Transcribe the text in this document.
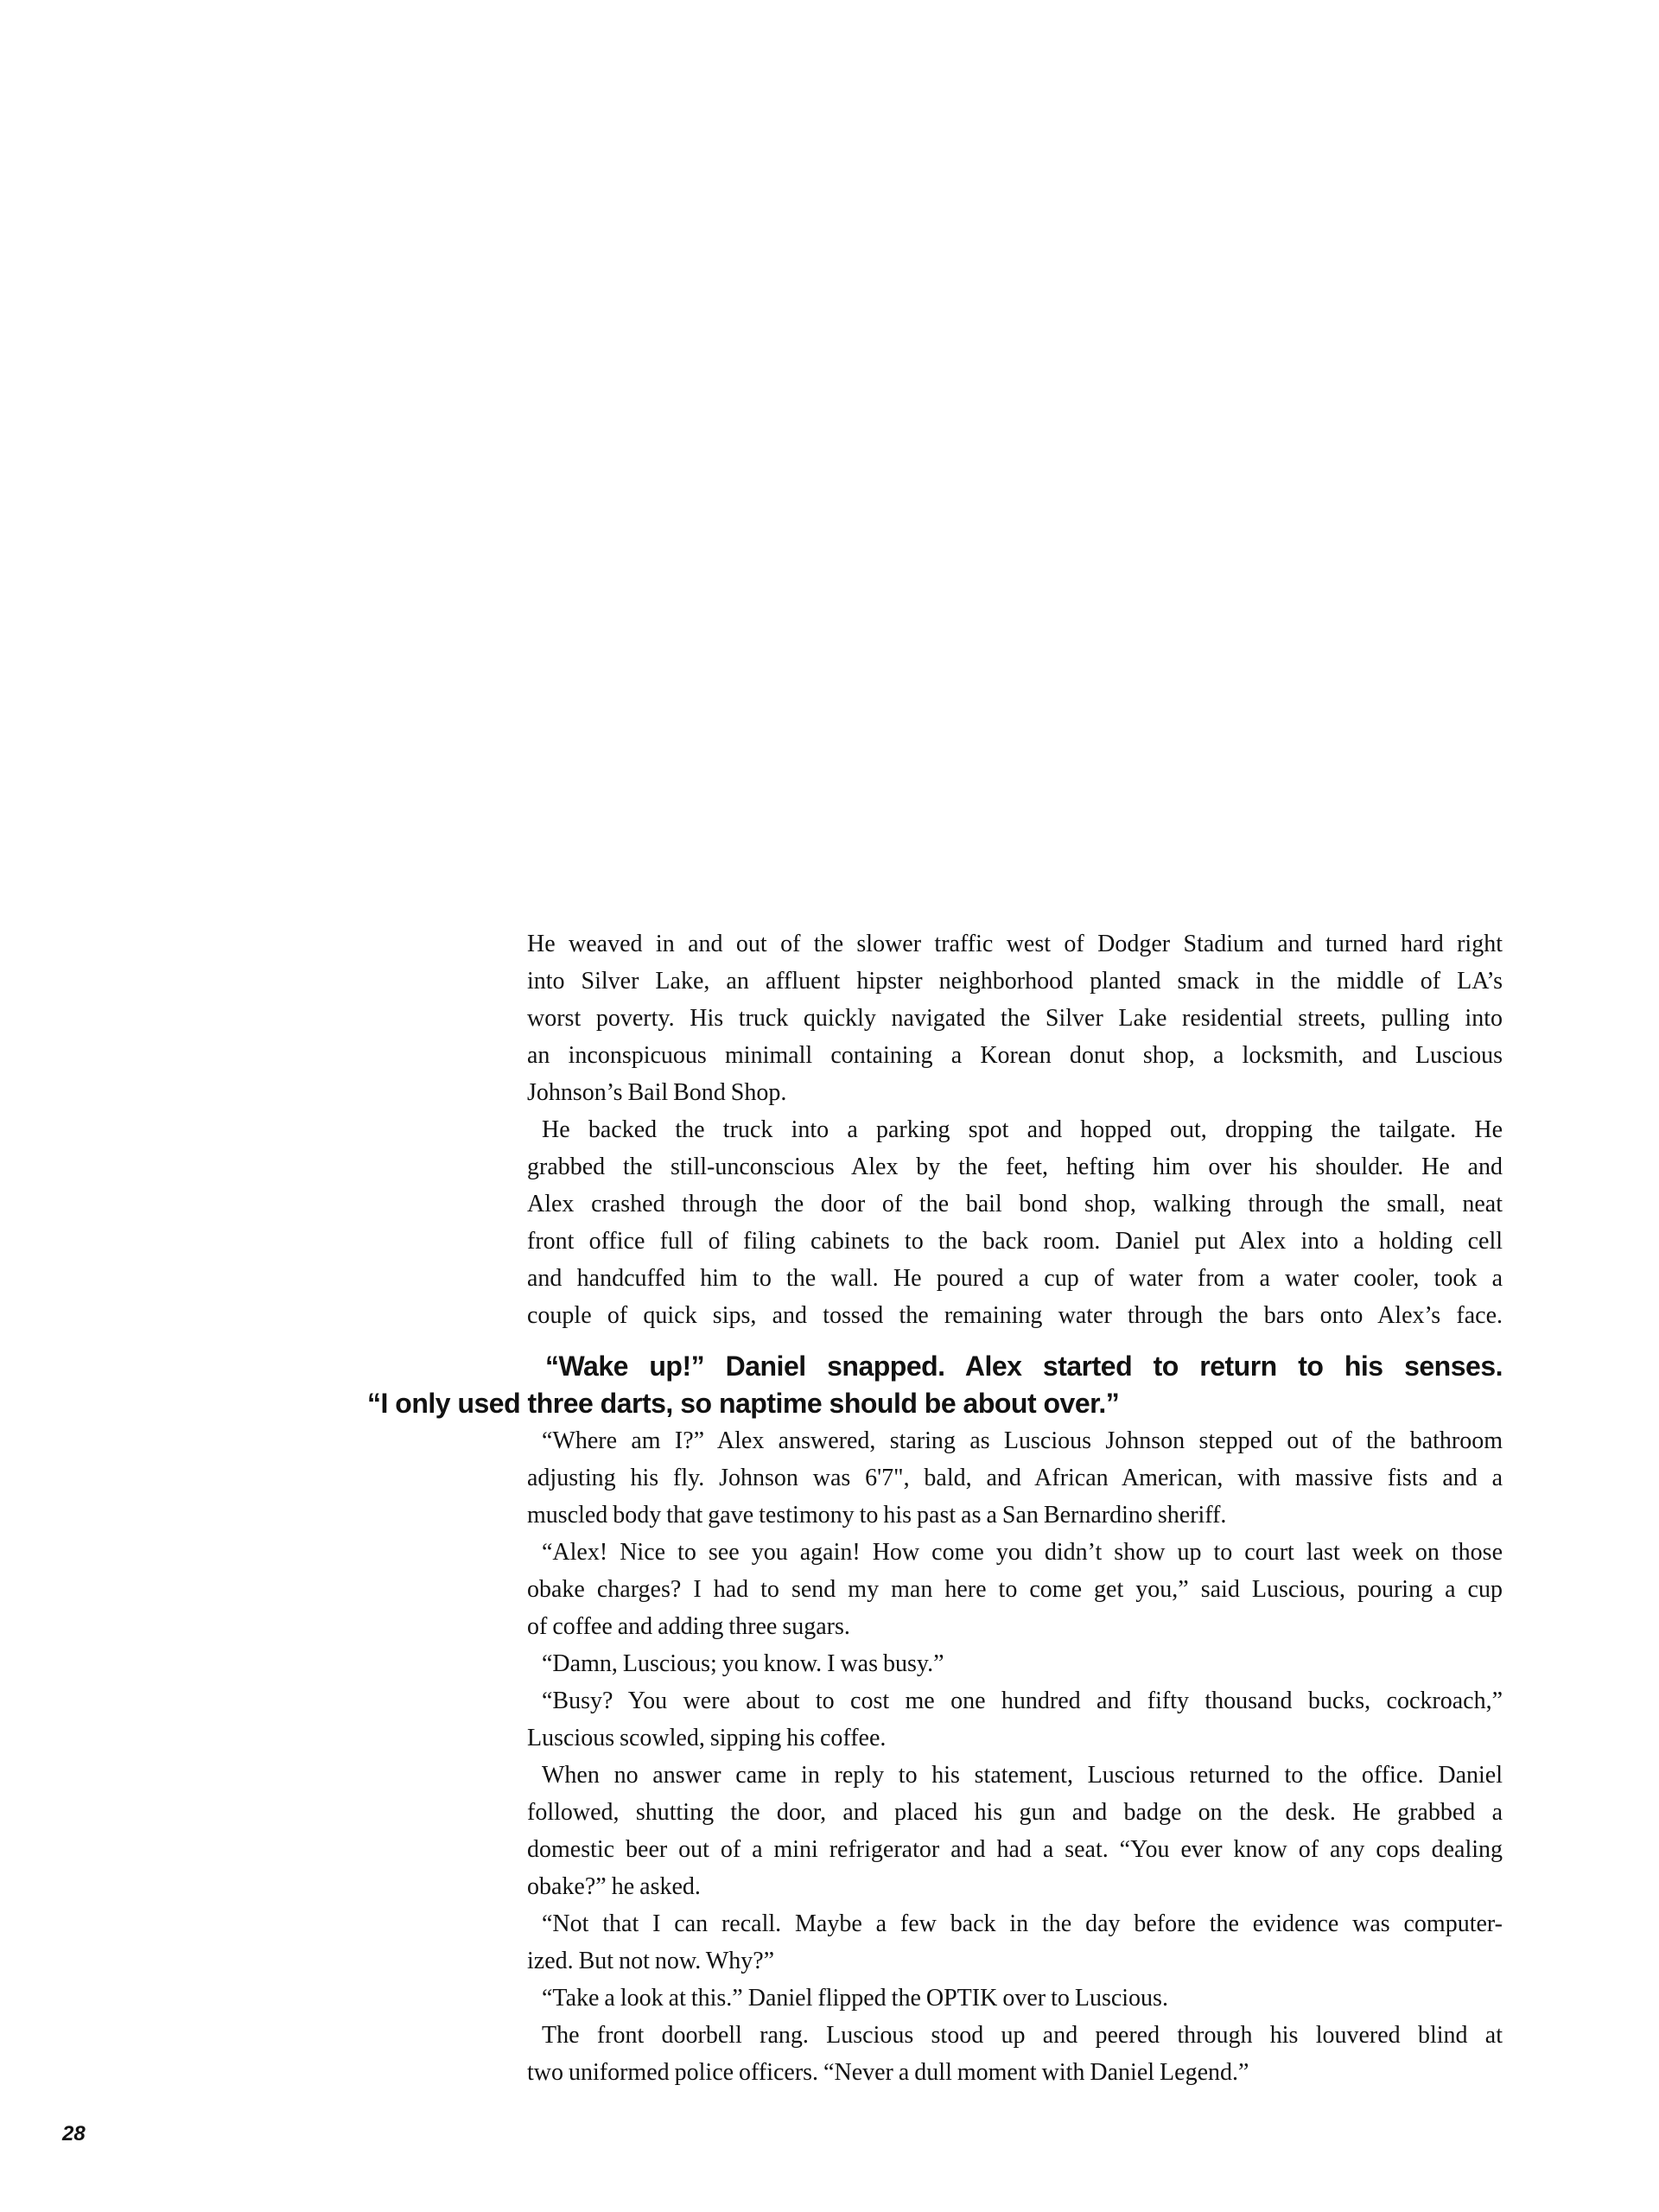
He weaved in and out of the slower traffic west of Dodger Stadium and turned hard right
into Silver Lake, an affluent hipster neighborhood planted smack in the middle of LA’s
worst poverty. His truck quickly navigated the Silver Lake residential streets, pulling into
an inconspicuous minimall containing a Korean donut shop, a locksmith, and Luscious
Johnson’s Bail Bond Shop.
He backed the truck into a parking spot and hopped out, dropping the tailgate. He
grabbed the still-unconscious Alex by the feet, hefting him over his shoulder. He and
Alex crashed through the door of the bail bond shop, walking through the small, neat
front office full of filing cabinets to the back room. Daniel put Alex into a holding cell
and handcuffed him to the wall. He poured a cup of water from a water cooler, took a
couple of quick sips, and tossed the remaining water through the bars onto Alex’s face.
“Wake up!” Daniel snapped. Alex started to return to his senses.
“I only used three darts, so naptime should be about over.”
“Where am I?” Alex answered, staring as Luscious Johnson stepped out of the bathroom
adjusting his fly. Johnson was 6'7", bald, and African American, with massive fists and a
muscled body that gave testimony to his past as a San Bernardino sheriff.
“Alex! Nice to see you again! How come you didn’t show up to court last week on those
obake charges? I had to send my man here to come get you,” said Luscious, pouring a cup
of coffee and adding three sugars.
“Damn, Luscious; you know. I was busy.”
“Busy? You were about to cost me one hundred and fifty thousand bucks, cockroach,”
Luscious scowled, sipping his coffee.
When no answer came in reply to his statement, Luscious returned to the office. Daniel
followed, shutting the door, and placed his gun and badge on the desk. He grabbed a
domestic beer out of a mini refrigerator and had a seat. “You ever know of any cops dealing
obake?” he asked.
“Not that I can recall. Maybe a few back in the day before the evidence was computer-
ized. But not now. Why?”
“Take a look at this.” Daniel flipped the OPTIK over to Luscious.
The front doorbell rang. Luscious stood up and peered through his louvered blind at
two uniformed police officers. “Never a dull moment with Daniel Legend.”
28
